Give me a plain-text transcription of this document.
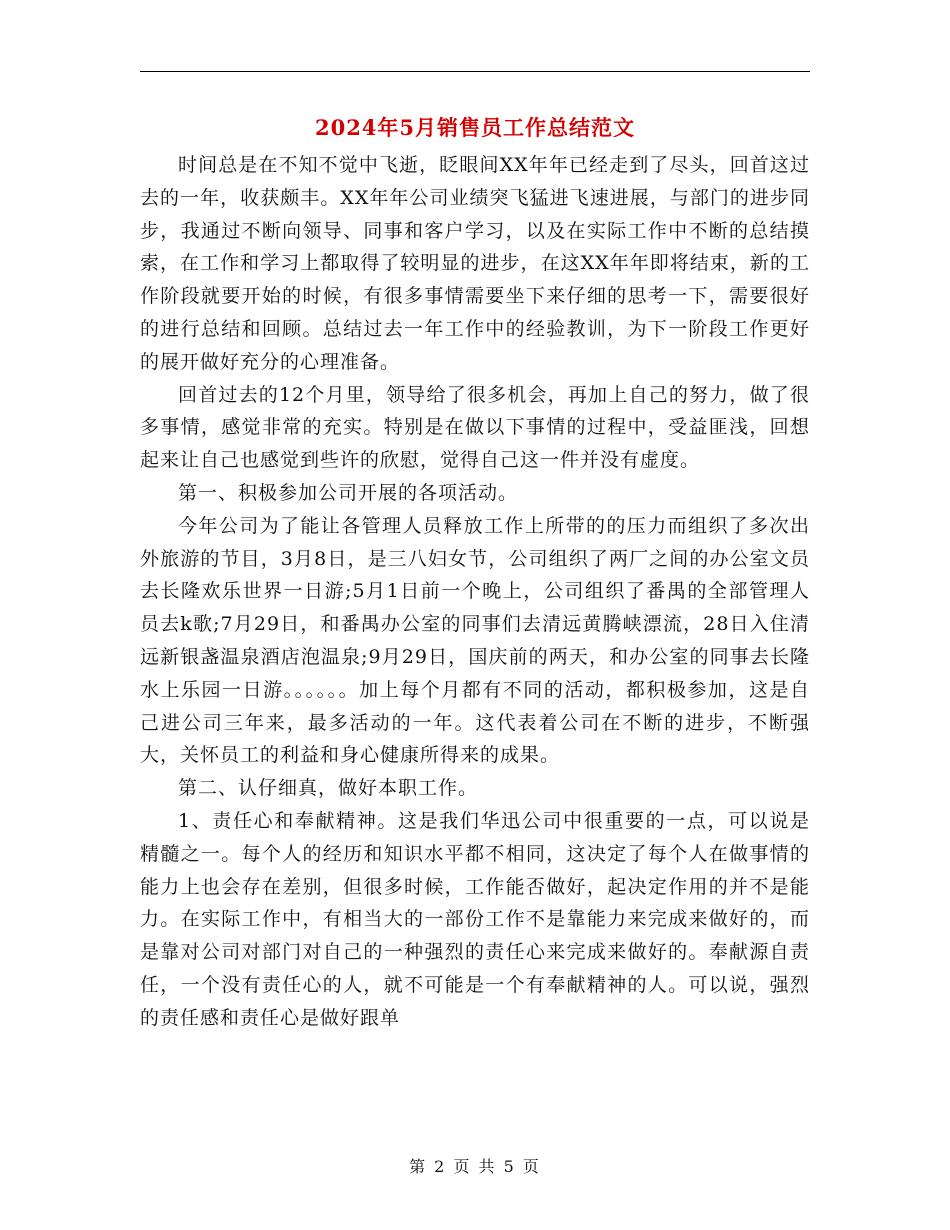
2024年5月销售员工作总结范文

时间总是在不知不觉中飞逝，眨眼间XX年年已经走到了尽头，回首这过去的一年，收获颇丰。XX年年公司业绩突飞猛进飞速进展，与部门的进步同步，我通过不断向领导、同事和客户学习，以及在实际工作中不断的总结摸索，在工作和学习上都取得了较明显的进步，在这XX年年即将结束，新的工作阶段就要开始的时候，有很多事情需要坐下来仔细的思考一下，需要很好的进行总结和回顾。总结过去一年工作中的经验教训，为下一阶段工作更好的展开做好充分的心理准备。

回首过去的12个月里，领导给了很多机会，再加上自己的努力，做了很多事情，感觉非常的充实。特别是在做以下事情的过程中，受益匪浅，回想起来让自己也感觉到些许的欣慰，觉得自己这一件并没有虚度。

第一、积极参加公司开展的各项活动。

今年公司为了能让各管理人员释放工作上所带的的压力而组织了多次出外旅游的节目，3月8日，是三八妇女节，公司组织了两厂之间的办公室文员去长隆欢乐世界一日游;5月1日前一个晚上，公司组织了番禺的全部管理人员去k歌;7月29日，和番禺办公室的同事们去清远黄腾峡漂流，28日入住清远新银盏温泉酒店泡温泉;9月29日，国庆前的两天，和办公室的同事去长隆水上乐园一日游。。。。。。加上每个月都有不同的活动，都积极参加，这是自己进公司三年来，最多活动的一年。这代表着公司在不断的进步，不断强大，关怀员工的利益和身心健康所得来的成果。

第二、认仔细真，做好本职工作。

1、责任心和奉献精神。这是我们华迅公司中很重要的一点，可以说是精髓之一。每个人的经历和知识水平都不相同，这决定了每个人在做事情的能力上也会存在差别，但很多时候，工作能否做好，起决定作用的并不是能力。在实际工作中，有相当大的一部份工作不是靠能力来完成来做好的，而是靠对公司对部门对自己的一种强烈的责任心来完成来做好的。奉献源自责任，一个没有责任心的人，就不可能是一个有奉献精神的人。可以说，强烈的责任感和责任心是做好跟单

第 2 页 共 5 页
